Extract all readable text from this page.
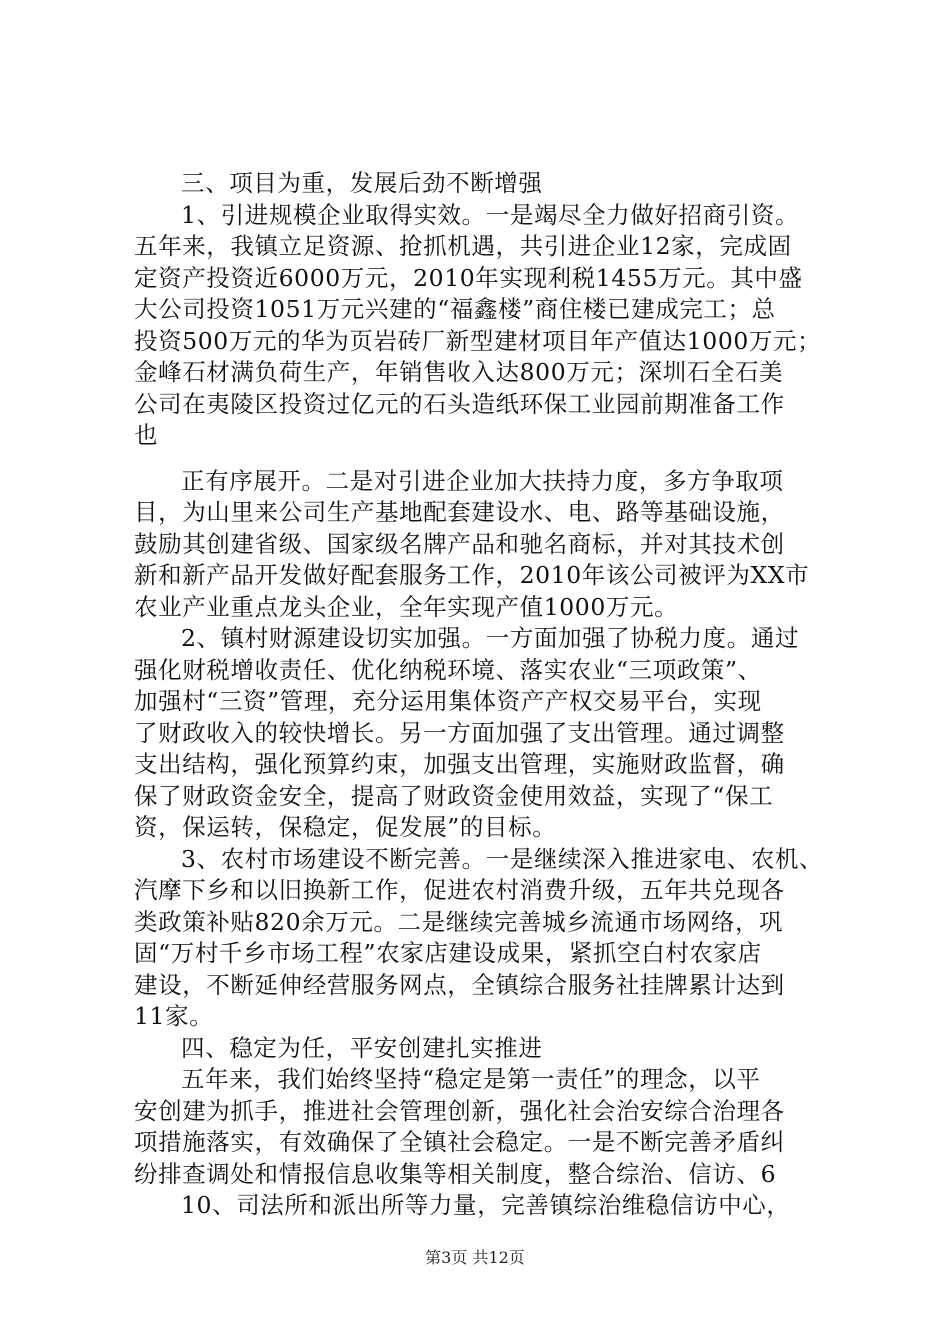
三、项目为重，发展后劲不断增强
1、引进规模企业取得实效。一是竭尽全力做好招商引资。
五年来，我镇立足资源、抢抓机遇，共引进企业12家，完成固
定资产投资近6000万元，2010年实现利税1455万元。其中盛
大公司投资1051万元兴建的“福鑫楼”商住楼已建成完工；总
投资500万元的华为页岩砖厂新型建材项目年产值达1000万元；
金峰石材满负荷生产，年销售收入达800万元；深圳石全石美
公司在夷陵区投资过亿元的石头造纸环保工业园前期准备工作
也
正有序展开。二是对引进企业加大扶持力度，多方争取项
目，为山里来公司生产基地配套建设水、电、路等基础设施，
鼓励其创建省级、国家级名牌产品和驰名商标，并对其技术创
新和新产品开发做好配套服务工作，2010年该公司被评为XX市
农业产业重点龙头企业，全年实现产值1000万元。
2、镇村财源建设切实加强。一方面加强了协税力度。通过
强化财税增收责任、优化纳税环境、落实农业“三项政策”、
加强村“三资”管理，充分运用集体资产产权交易平台，实现
了财政收入的较快增长。另一方面加强了支出管理。通过调整
支出结构，强化预算约束，加强支出管理，实施财政监督，确
保了财政资金安全，提高了财政资金使用效益，实现了“保工
资，保运转，保稳定，促发展”的目标。
3、农村市场建设不断完善。一是继续深入推进家电、农机、
汽摩下乡和以旧换新工作，促进农村消费升级，五年共兑现各
类政策补贴820余万元。二是继续完善城乡流通市场网络，巩
固“万村千乡市场工程”农家店建设成果，紧抓空白村农家店
建设，不断延伸经营服务网点，全镇综合服务社挂牌累计达到
11家。
四、稳定为任，平安创建扎实推进
五年来，我们始终坚持“稳定是第一责任”的理念，以平
安创建为抓手，推进社会管理创新，强化社会治安综合治理各
项措施落实，有效确保了全镇社会稳定。一是不断完善矛盾纠
纷排查调处和情报信息收集等相关制度，整合综治、信访、6
10、司法所和派出所等力量，完善镇综治维稳信访中心，
第3页 共12页
